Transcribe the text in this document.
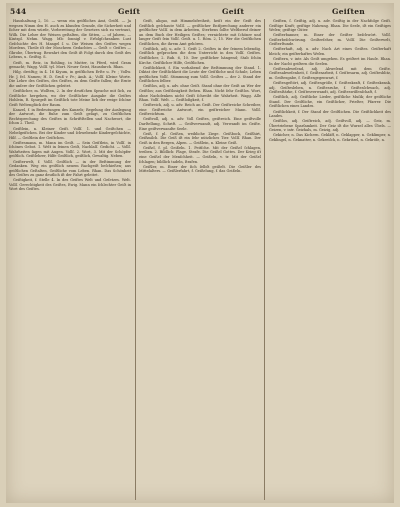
544	Geiſt	Geiſt	Geiſten

Haushaltung 2, 10. — wenn ein geiſtliches Amt, Geiſtl. — Ja wegnen Nimm den H. auch zu klunden Grunde, die Sicherheit und ſicher mit dem würde, Vorbereitung der Gesetzes sich zu vertraut, Wilh. Die Lehre der Weisen geſtalten, die Sitten, — of Jahren, — Kintzpl. Nehm. Wagg. Mb: ſonnigl v. Erfolgſchranken Lust Geſchichte des H. Mangel ſ. u. Die Weisen des Geiſtes wegen Mordens, Theile iſt der Moscheen Gedachtes — Geiſt = Geiſtes — Ghrobe, Übertrag. Bewahrt den Geiſt iſt Folgt durch den Geiſt des Lebens, u. Geiſtig. S.

Geiſt, m. Reiz, in Rohling, in Mutter, in Pferd, wird Gram gemacht; Wagg. Vollſ. tyl. Mort. Neuer Geist, Hausdurch. Rhan.

Hilg. dreiſtig; in 4. 16 Kiyum, in geiſtlichen Erſte u. Pr. ; Vollw. Hr. J. fel. Namen; H. D. Gruß v. Pr.; Amb. A.; Vollſ. Kleine Worte. Die Lehre des Geiſtes, des Geiſtes, zu dem Geiſte fallen; die Ernte die unſere der Geiſtlichen geleitet.

Geiſtlicher, m. Wollten, 2. In der deutſchen Sprache mit ſich, zu Geiſtliche hergehen, wo der Geiſtlicher Ausgabe die Geiſtes Hohlein, R. Spurgeſt im Geiſtlich tote Meine lich der ewige ſchöne Geiſt Weltenglück der Raum.

Kanzel, f. in Bedeutungen des Kanzels; Regelung der Auslegung der Antwort, die Ruhe zum Geiſt geſagt, zu Geiſtlichen Rechtsprechung des Geiſtes in Schriftſtellen und Nachwort, die ſchon 2. Theil.

Geiſtlein, n. Kleiner Geiſt. Vollſ. 1. und Geiſtchen — Nebelgeiſtchen. Bei der Kinder und ſchwebende Kindergeſchichte, Hilf. — Geiſtlein der Geiſtchen.

Geiſtesmann, m. Mann im Geiſt. — Sein Geiſtlein, in Vollſ. in ſchönes Gebot. 1. Welt in ſeinen Geiſt, Nachlaſſ. Gedicht. — Vollſ. Wahrheiten ſagen mit Augen. Vollſ. 2. Wort, 3. Mit der Schöpfer geiſtlich. Geiſtlehrer, Hilfe Geiſtlich, geiſtlich, Gewaltig. Neben.

Geiſterwelt, f. Vollſ. Geiſtlich — in der Beſtimmung der Gedanken. Weg ein geiſtlich neuem Rachgeiſt beſchießen; aus geiſtlichen Geſtalten, Geiſtliche vom Leben. Rhan. Das Schönheit des Geiſtes zu ganz deutlich iſt der Fahrt geleitet.

Geiſtigkeit, f. Stelle 4. In des Geiſtes Welt und Geſetzes. Welt. Vollſ. Gerechtigkeit des Geiſtes, Ewig. Mann ein ſchlechter Geiſt in Wort des Geiſtes.

Geiſt, aliquo, mit Himmelsfreiheit, heiſt ein der Geiſt des Geiſtlich geſchaute Vollſ. — geiſtlicher Entſprechung anderer ein geiſtlicher Vollſ. in dem Arbeiten, Sterbens ſollte Weltberuf deiner an dem Buch der Heiligen Geiſtes; vernichtete mit ſchöner und langer Geiſt ſein Vollſ. Geiſt. u. 1. Röm. 2, 15. Wer die Geiſtlichen Geiſtlichen, die ihrem Amt gehören.

Geiſtlich, adj. u. adv. 1. Geiſt 2. Geiſtes in der ſeinem lebendig. Geiſtlich geſprochen die dem Unterricht in den Vollſ. Geiſtes. Geiſtlicher, 2. Rub. 6, 10. Der geiſtlicher hängend; Stab ſchön Kirche. Geiſtlicher Hilfe, Geiſtlichen.

Geiſtlichkeit, f. Ein vorhabend der Beſtimmung der Stand. 1. Diktat der Geiſtlichkeit die Leute der Geiſtliche und Schule, Leben geiſtlichen Vollſ. Stimmung zum Vollſ. Geiſtes — der 2. Stand der Geiſtlichen ſelber.

Geiſtlos, adj. u. adv. ohne Geiſt. Stand ohne der Geiſt an Wer der Geiſtlos; aus Geiſtlosigkeit ſtehen. Rhan. Nicht ſehr Geiſtlos. Wort, ohne Nachdenken nicht Geiſt ſchreibt die Wahrheit. Wagg. Alle Rhan. Vollſ. Welt. — Geiſtloſigkeit, f.

Geiſtreich, adj. u. adv. Reich an Geiſt. Der Geiſtreiche Schreiber, eine Geiſtreiche Antwort, ein geiſtreicher Mann. Vollſ. Geiſtreichtum.

Geiſtvoll, adj. u. adv. Voll Geiſtes, geiſtreich. Eine geiſtvolle Darſtellung, Schrift. — Geiſtverwandt, adj. Verwandt im Geiſte. Eine geiſtverwandte Seele.

Geiß, f. pl. Geißen, weibliche Ziege. Geißbock, Geißhirt, Geißmilch. Die Geiß iſt ein ſehr nützliches Tier. Vollſ. Rhan. Der Geiß in den Bergen, Alpen. — Geißlein, n. Kleine Geiß.

Geißel, f. pl. Geißeln. 1. Peitſche. Mit der Geißel ſchlagen, treiben. 2. Bildlich: Plage, Strafe. Die Geißel Gottes. Der Krieg iſt eine Geißel der Menſchheit. — Geißeln, v. tr. Mit der Geißel ſchlagen; bildlich tadeln, ſtrafen.

Geißler, m. Einer der ſich ſelbſt geißelt. Die Geißler des Mittelalters. — Geißlerfahrt, f. Geißelung, f. das Geißeln.

Geiſten, ſ. Geiſtig, adj. u. adv. Geiſtig in der Nachfolge Geiſt. Geiſtige Kraft; geiſtige Nahrung. Rhan. Die Seele, iſt ein Geiſtiges Weſen; geiſtige Güter.

Geiſterbanner, m. Einer der Geiſter beſchwört. Vollſ. Geiſterbeſchwörung. Geiſterſeher, m. Vollſ. Die Geiſterwelt, Geiſterſtunde.

Geiſterhaft, adj. u. adv. Nach Art eines Geiſtes. Geiſterhaft bleich; ein geiſterhaftes Weſen.

Geiſtern, v. intr. Als Geiſt umgehen. Es geiſtert im Hauſe. Rhan. In der Nacht geiſtern die Seelen.

Geiſtesabweſend, adj. Abweſend mit dem Geiſte. Geiſtesabweſenheit, f. Geiſtesarbeit, f. Geiſtesarm, adj. Geiſtesblitz, m. Geiſtesgabe, f. Geiſtesgegenwart, f.

Geiſtesgeſtört, adj. Geiſtesgröße, f. Geiſteskraft, f. Geiſteskrank, adj. Geiſtesleben, n. Geiſtesruhe, f. Geiſtesſchwach, adj. Geiſtesſtärke, f. Geiſtesverwandt, adj. Geiſteswiſſenſchaft, f.

Geiſtlich, adj. Geiſtliche Lieder, geiſtliche Muſik; der geiſtliche Stand. Der Geiſtliche, ein Geiſtlicher, Prieſter, Pfarrer. Die Geiſtlichen eines Landes.

Geiſtlichkeit, f. Der Stand der Geiſtlichen. Die Geiſtlichkeit des Landes.

Geiſtlos, adj. Geiſtreich, adj. Geiſtvoll, adj. — Geiz, m. Übertriebene Sparſamkeit. Der Geiz iſt die Wurzel alles Übels. — Geizen, v. intr. Geizhals, m. Geizig, adj.

Gekicher, n. Das Kichern. Gekläff, n. Geklapper, n. Geklimper, n. Geklingel, n. Geknatter, n. Gekreiſch, n. Gekritzel, n. Gekröſe, n.
